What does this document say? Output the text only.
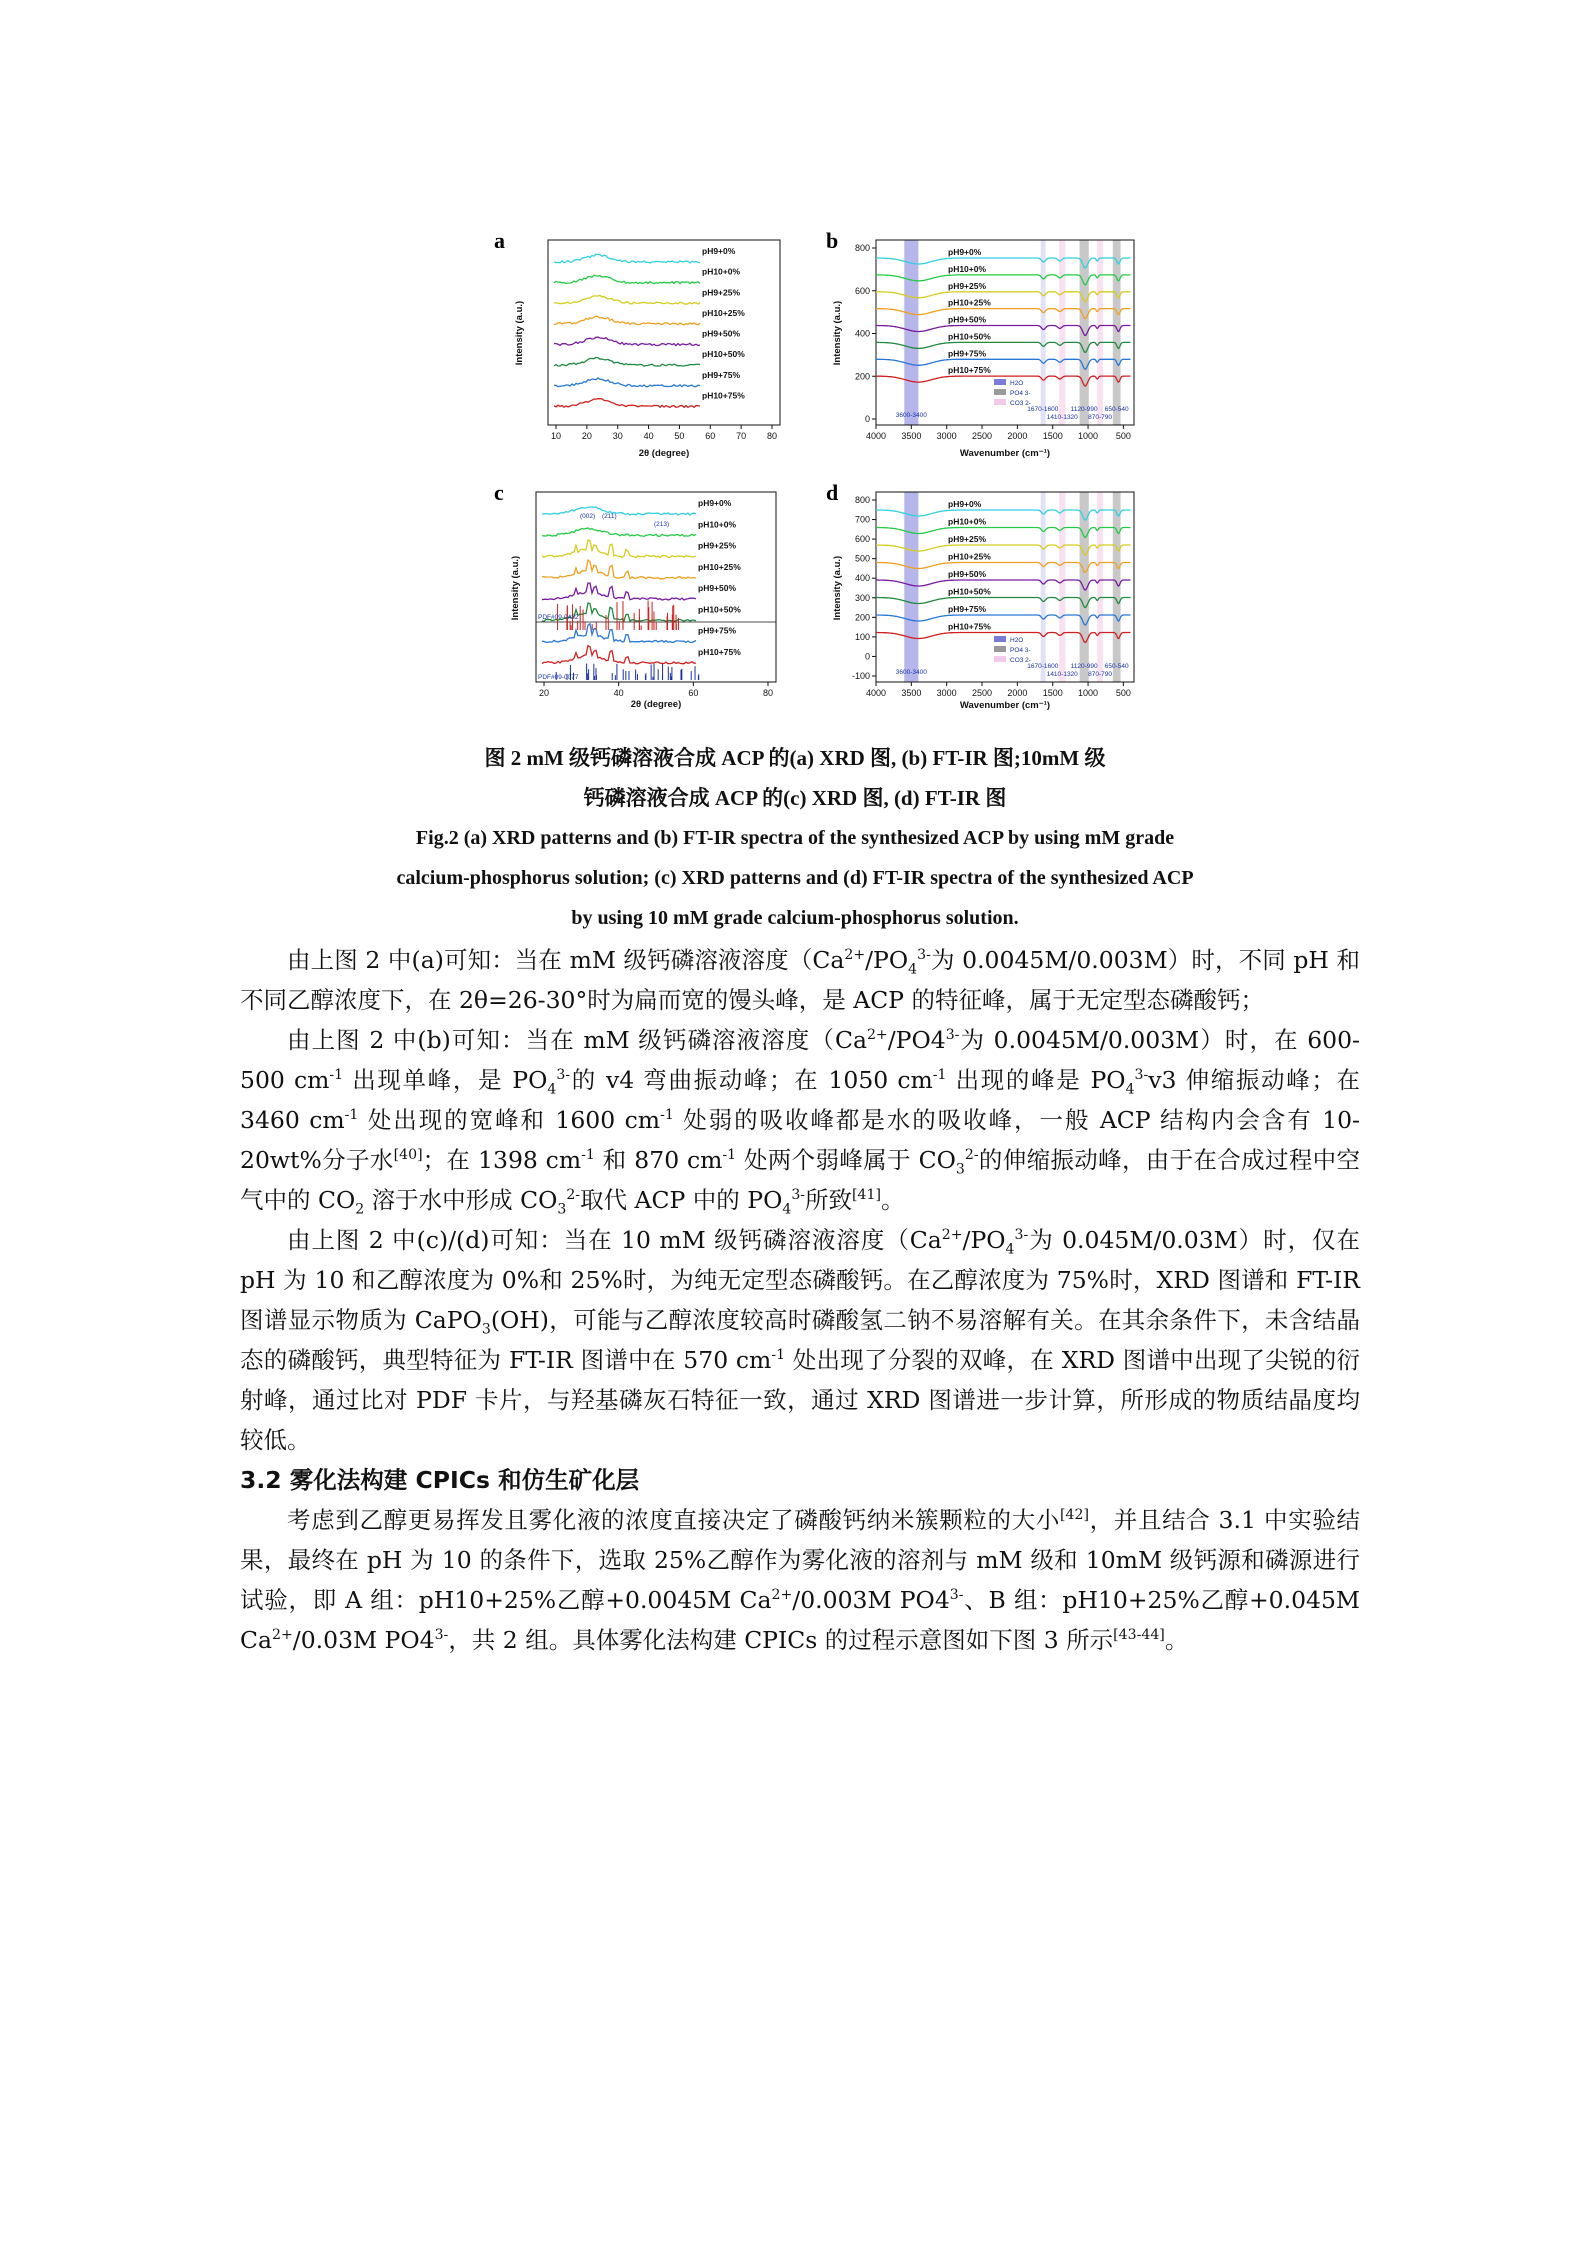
a	pH9+0%
pH10+0%
pH9+25%
pH10+25%
pH9+50%
pH10+50%
pH9+75%
pH10+75%
10 20 30 40 50 60 70 80
2θ (degree)
Intensity (a.u.)
b	pH9+0%
pH10+0%
pH9+25%
pH10+25%
pH9+50%
pH10+50%
pH9+75%
pH10+75%
0
200
400
600
800
4000 3500 3000 2500 2000 1500 1000 500
3600-3400
1670-1600
1410-1320
1120-990
870-790
650-540
H2O
PO4 3-
CO3 2-
Wavenumber (cm⁻¹)
Intensity (a.u.)
c	pH9+0%
pH10+0%
pH9+25%
pH10+25%
pH9+50%
pH10+50%
pH9+75%
pH10+75%
20	40	60	80
PDF#09-0432
PDF#09-0077
(002) (211)
(213)
2θ (degree)
Intensity (a.u.)
d	pH9+0%
pH10+0%
pH9+25%
pH10+25%
pH9+50%
pH10+50%
pH9+75%
pH10+75%
-100
0
100
200
300
400
500
600
700
800
4000 3500 3000 2500 2000 1500 1000 500
3600-3400
1670-1600
1410-1320
1120-990
870-790
650-540
H2O
PO4 3-
CO3 2-
Wavenumber (cm⁻¹)
Intensity (a.u.)
图 2 mM 级钙磷溶液合成 ACP 的(a) XRD 图, (b) FT-IR 图;10mM 级
钙磷溶液合成 ACP 的(c) XRD 图, (d) FT-IR 图
Fig.2 (a) XRD patterns and (b) FT-IR spectra of the synthesized ACP by using mM grade
calcium-phosphorus solution; (c) XRD patterns and (d) FT-IR spectra of the synthesized ACP
by using 10 mM grade calcium-phosphorus solution.

由上图 2 中(a)可知：当在 mM 级钙磷溶液溶度（$Ca^{2+}/PO_4^{3-}$为 0.0045M/0.003M）时，不同 pH 和不同乙醇浓度下，在 2θ=26-30°时为扁而宽的馒头峰，是 ACP 的特征峰，属于无定型态磷酸钙；

由上图 2 中(b)可知：当在 mM 级钙磷溶液溶度（$Ca^{2+}/PO4^{3-}$为 0.0045M/0.003M）时，在 600-500 $cm^{-1}$ 出现单峰，是 $PO_4^{3-}$的 v4 弯曲振动峰；在 1050 $cm^{-1}$ 出现的峰是 $PO_4^{3-}v3$ 伸缩振动峰；在 3460 $cm^{-1}$ 处出现的宽峰和 1600 $cm^{-1}$ 处弱的吸收峰都是水的吸收峰，一般 ACP 结构内会含有 10-20wt%分子水[40]；在 1398 $cm^{-1}$ 和 870 $cm^{-1}$ 处两个弱峰属于 $CO_3^{2-}$的伸缩振动峰，由于在合成过程中空气中的 $CO_2$ 溶于水中形成 $CO_3^{2-}$取代 ACP 中的 $PO_4^{3-}$所致[41]。

由上图 2 中(c)/(d)可知：当在 10 mM 级钙磷溶液溶度（$Ca^{2+}/PO_4^{3-}$为 0.045M/0.03M）时，仅在 pH 为 10 和乙醇浓度为 0%和 25%时，为纯无定型态磷酸钙。在乙醇浓度为 75%时，XRD 图谱和 FT-IR 图谱显示物质为 CaPO$_3$(OH)，可能与乙醇浓度较高时磷酸氢二钠不易溶解有关。在其余条件下，未含结晶态的磷酸钙，典型特征为 FT-IR 图谱中在 570 $cm^{-1}$ 处出现了分裂的双峰，在 XRD 图谱中出现了尖锐的衍射峰，通过比对 PDF 卡片，与羟基磷灰石特征一致，通过 XRD 图谱进一步计算，所形成的物质结晶度均较低。

3.2 雾化法构建 CPICs 和仿生矿化层

考虑到乙醇更易挥发且雾化液的浓度直接决定了磷酸钙纳米簇颗粒的大小[42]，并且结合 3.1 中实验结果，最终在 pH 为 10 的条件下，选取 25%乙醇作为雾化液的溶剂与 mM 级和 10mM 级钙源和磷源进行试验，即 A 组：pH10+25%乙醇+0.0045M $Ca^{2+}/0.003M$ $PO4^{3-}$、B 组：pH10+25%乙醇+0.045M $Ca^{2+}/0.03M$ $PO4^{3-}$，共 2 组。具体雾化法构建 CPICs 的过程示意图如下图 3 所示[43-44]。
